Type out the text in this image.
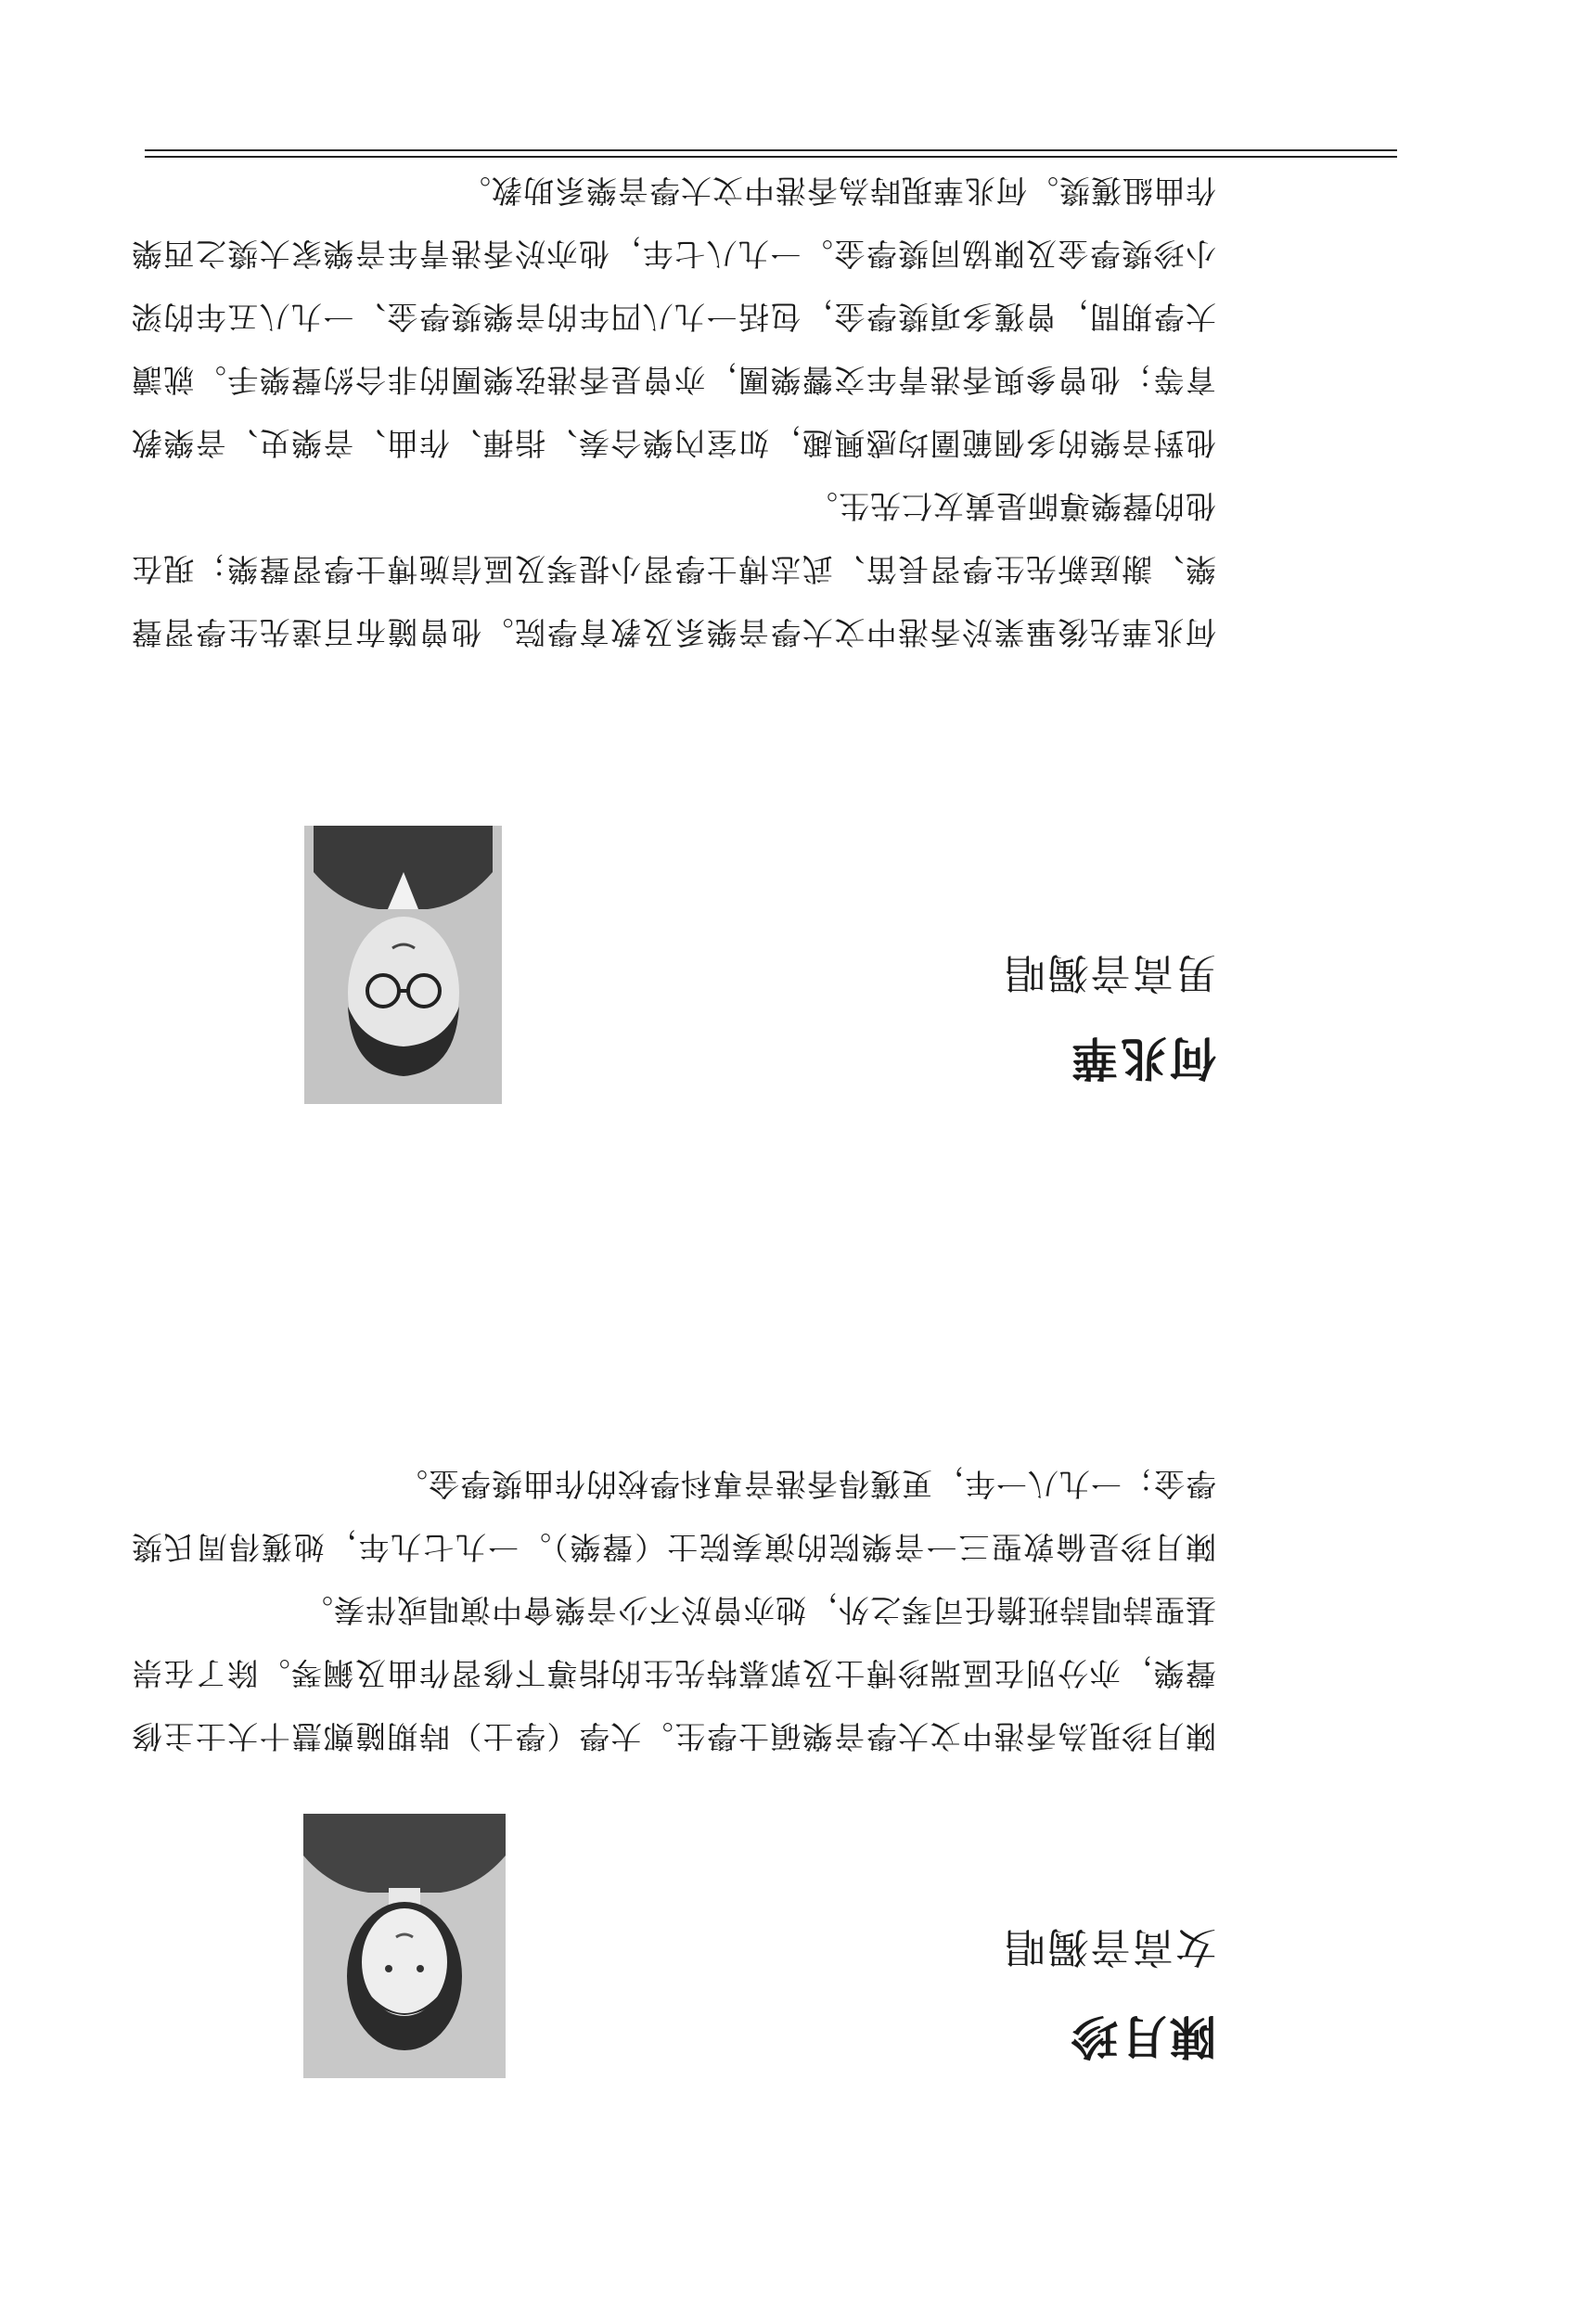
陳月珍
女高音獨唱

陳月珍現為香港中文大學音樂碩士學生。大學（學士）時期隨鄭慧十大士主修聲樂，亦分別在區瑞珍博士及郭慕特先生的指導下修習作曲及鋼琴。除了在崇基聖詩唱詩班擔任司琴之外，她亦曾於不少音樂會中演唱或伴奏。

陳月珍是倫敦聖三一音樂院的演奏院士（聲樂）。一九七九年，她獲得周氏獎學金；一九八一年，更獲得香港音專科學校的作曲獎學金。

何兆華
男高音獨唱

何兆華先後畢業於香港中文大學音樂系及教育學院。他曾隨布百達先生學習聲樂、謝庭新先生學習長笛、武志博士學習小提琴及區信施博士學習聲樂；現在他的聲樂導師是黃友仁先生。

他對音樂的多個範圍均感興趣，如室內樂合奏、指揮、作曲、音樂史、音樂教育等；他曾參與香港青年交響樂團，亦曾是香港弦樂團的非合約聲樂手。就讀大學期間，曾獲多項獎學金，包括一九八四年的音樂獎學金、一九八五年的梁小珍獎學金及陳協同獎學金。一九八七年，他亦於香港青年音樂家大獎之西樂作曲組獲獎。何兆華現時為香港中文大學音樂系助教。
